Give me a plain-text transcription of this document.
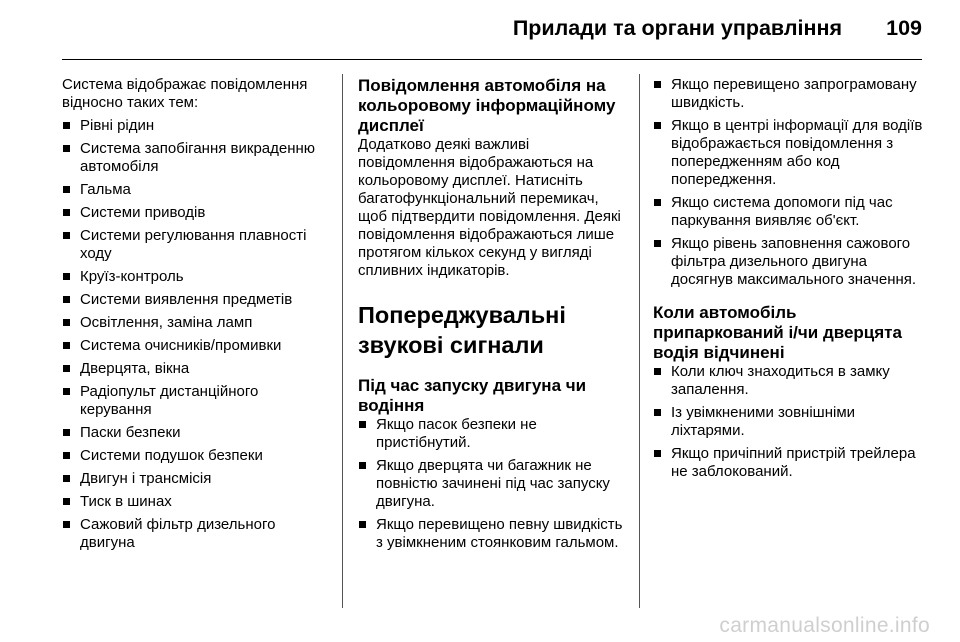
Прилади та органи управління 109

Система відображає повідомлення відносно таких тем:

Рівні рідин
Система запобігання викраденню автомобіля
Гальма
Системи приводів
Системи регулювання плавності ходу
Круїз-контроль
Системи виявлення предметів
Освітлення, заміна ламп
Система очисників/промивки
Дверцята, вікна
Радіопульт дистанційного керування
Паски безпеки
Системи подушок безпеки
Двигун і трансмісія
Тиск в шинах
Сажовий фільтр дизельного двигуна
Повідомлення автомобіля на кольоровому інформаційному дисплеї

Додатково деякі важливі повідомлення відображаються на кольоровому дисплеї. Натисніть багатофункціональний перемикач, щоб підтвердити повідомлення. Деякі повідомлення відображаються лише протягом кількох секунд у вигляді спливних індикаторів.

Попереджувальні звукові сигнали
Під час запуску двигуна чи водіння
Якщо пасок безпеки не пристібнутий.
Якщо дверцята чи багажник не повністю зачинені під час запуску двигуна.
Якщо перевищено певну швидкість з увімкненим стоянковим гальмом.
Якщо перевищено запрограмовану швидкість.
Якщо в центрі інформації для водіїв відображається повідомлення з попередженням або код попередження.
Якщо система допомоги під час паркування виявляє об'єкт.
Якщо рівень заповнення сажового фільтра дизельного двигуна досягнув максимального значення.
Коли автомобіль припаркований і/чи дверцята водія відчинені
Коли ключ знаходиться в замку запалення.
Із увімкненими зовнішніми ліхтарями.
Якщо причіпний пристрій трейлера не заблокований.
carmanualsonline.info
